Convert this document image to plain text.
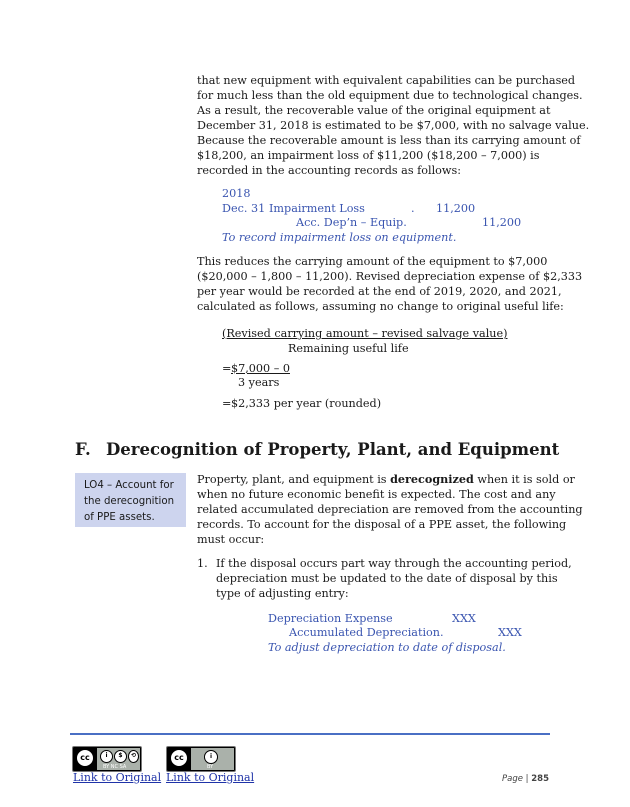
that new equipment with equivalent capabilities can be purchased
for much less than the old equipment due to technological changes.
As a result, the recoverable value of the original equipment at
December 31, 2018 is estimated to be $7,000, with no salvage value.
Because the recoverable amount is less than its carrying amount of
$18,200, an impairment loss of $11,200 ($18,200 – 7,000) is
recorded in the accounting records as follows:
2018
Dec. 31 Impairment Loss	. 11,200
Acc. Dep’n – Equip.	11,200
To record impairment loss on equipment.
This reduces the carrying amount of the equipment to $7,000
($20,000 – 1,800 – 11,200). Revised depreciation expense of $2,333
per year would be recorded at the end of 2019, 2020, and 2021,
calculated as follows, assuming no change to original useful life:
(Revised carrying amount – revised salvage value)
Remaining useful life
= $7,000 – 0
3 years
= $2,333 per year (rounded)
F. Derecognition of Property, Plant, and Equipment
LO4 – Account for
the derecognition
of PPE assets.
Property, plant, and equipment is derecognized when it is sold or
when no future economic benefit is expected. The cost and any
related accumulated depreciation are removed from the accounting
records. To account for the disposal of a PPE asset, the following
must occur:
1. If the disposal occurs part way through the accounting period,
depreciation must be updated to the date of disposal by this
type of adjusting entry:
Depreciation Expense	XXX
Accumulated Depreciation.	XXX
To adjust depreciation to date of disposal.
cc	i	$	⟲
BY NC SA
cc	i
BY
Link to Original Link to Original	Page | 285
